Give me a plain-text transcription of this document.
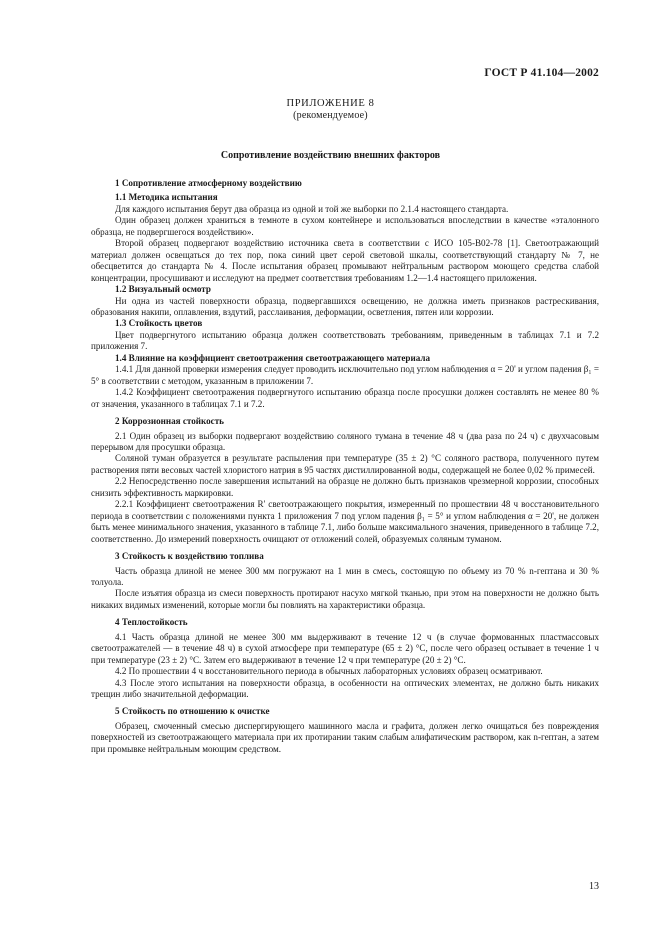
ГОСТ Р 41.104—2002
ПРИЛОЖЕНИЕ 8
(рекомендуемое)
Сопротивление воздействию внешних факторов
1 Сопротивление атмосферному воздействию
1.1 Методика испытания

Для каждого испытания берут два образца из одной и той же выборки по 2.1.4 настоящего стандарта.

Один образец должен храниться в темноте в сухом контейнере и использоваться впоследствии в качестве «эталонного образца, не подвергшегося воздействию».

Второй образец подвергают воздействию источника света в соответствии с ИСО 105-В02-78 [1]. Светоотражающий материал должен освещаться до тех пор, пока синий цвет серой световой шкалы, соответствующий стандарту № 7, не обесцветится до стандарта № 4. После испытания образец промывают нейтральным раствором моющего средства слабой концентрации, просушивают и исследуют на предмет соответствия требованиям 1.2—1.4 настоящего приложения.

1.2 Визуальный осмотр

Ни одна из частей поверхности образца, подвергавшихся освещению, не должна иметь признаков растрескивания, образования накипи, оплавления, вздутий, расслаивания, деформации, осветления, пятен или коррозии.

1.3 Стойкость цветов

Цвет подвергнутого испытанию образца должен соответствовать требованиям, приведенным в таблицах 7.1 и 7.2 приложения 7.

1.4 Влияние на коэффициент светоотражения светоотражающего материала

1.4.1 Для данной проверки измерения следует проводить исключительно под углом наблюдения α = 20' и углом падения β₁ = 5° в соответствии с методом, указанным в приложении 7.

1.4.2 Коэффициент светоотражения подвергнутого испытанию образца после просушки должен составлять не менее 80 % от значения, указанного в таблицах 7.1 и 7.2.

2 Коррозионная стойкость

2.1 Один образец из выборки подвергают воздействию соляного тумана в течение 48 ч (два раза по 24 ч) с двухчасовым перерывом для просушки образца.

Соляной туман образуется в результате распыления при температуре (35 ± 2) °С соляного раствора, полученного путем растворения пяти весовых частей хлористого натрия в 95 частях дистиллированной воды, содержащей не более 0,02 % примесей.

2.2 Непосредственно после завершения испытаний на образце не должно быть признаков чрезмерной коррозии, способных снизить эффективность маркировки.

2.2.1 Коэффициент светоотражения R' светоотражающего покрытия, измеренный по прошествии 48 ч восстановительного периода в соответствии с положениями пункта 1 приложения 7 под углом падения β₁ = 5° и углом наблюдения α = 20', не должен быть менее минимального значения, указанного в таблице 7.1, либо больше максимального значения, приведенного в таблице 7.2, соответственно. До измерений поверхность очищают от отложений солей, образуемых соляным туманом.

3 Стойкость к воздействию топлива

Часть образца длиной не менее 300 мм погружают на 1 мин в смесь, состоящую по объему из 70 % n-гептана и 30 % толуола.

После изъятия образца из смеси поверхность протирают насухо мягкой тканью, при этом на поверхности не должно быть никаких видимых изменений, которые могли бы повлиять на характеристики образца.

4 Теплостойкость

4.1 Часть образца длиной не менее 300 мм выдерживают в течение 12 ч (в случае формованных пластмассовых светоотражателей — в течение 48 ч) в сухой атмосфере при температуре (65 ± 2) °С, после чего образец остывает в течение 1 ч при температуре (23 ± 2) °С. Затем его выдерживают в течение 12 ч при температуре (20 ± 2) °С.

4.2 По прошествии 4 ч восстановительного периода в обычных лабораторных условиях образец осматривают.

4.3 После этого испытания на поверхности образца, в особенности на оптических элементах, не должно быть никаких трещин либо значительной деформации.

5 Стойкость по отношению к очистке

Образец, смоченный смесью диспергирующего машинного масла и графита, должен легко очищаться без повреждения поверхностей из светоотражающего материала при их протирании таким слабым алифатическим раствором, как n-гептан, а затем при промывке нейтральным моющим средством.

13
